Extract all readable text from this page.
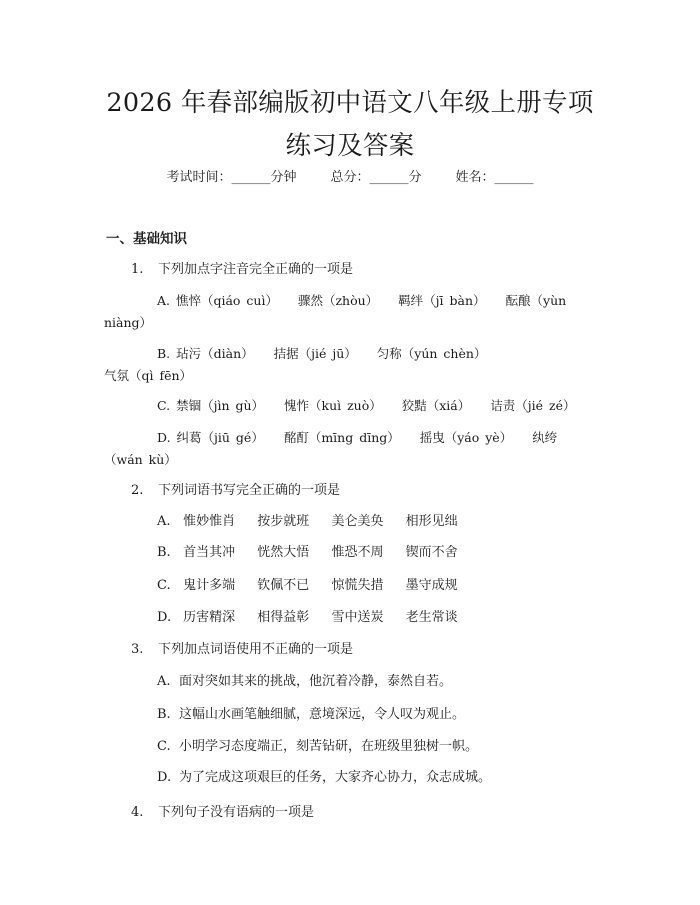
2026 年春部编版初中语文八年级上册专项练习及答案
考试时间：______分钟	总分：______分	姓名：______
一、基础知识
1. 下列加点字注音完全正确的一项是
A. 憔悴（qiáo cuì） 骤然（zhòu） 羁绊（jī bàn） 酝酿（yùn niàng）
B. 玷污（diàn） 拮据（jié jū） 匀称（yún chèn） 气氛（qì fēn）
C. 禁锢（jìn gù） 愧怍（kuì zuò） 狡黠（xiá） 诘责（jié zé）
D. 纠葛（jiū gé） 酩酊（mīng dīng） 摇曳（yáo yè） 纨绔（wán kù）
2. 下列词语书写完全正确的一项是
A. 惟妙惟肖 按步就班 美仑美奂 相形见绌
B. 首当其冲 恍然大悟 惟恐不周 锲而不舍
C. 鬼计多端 钦佩不已 惊慌失措 墨守成规
D. 历害精深 相得益彰 雪中送炭 老生常谈
3. 下列加点词语使用不正确的一项是
A. 面对突如其来的挑战，他沉着冷静，泰然自若。
B. 这幅山水画笔触细腻，意境深远，令人叹为观止。
C. 小明学习态度端正，刻苦钻研，在班级里独树一帜。
D. 为了完成这项艰巨的任务，大家齐心协力，众志成城。
4. 下列句子没有语病的一项是
